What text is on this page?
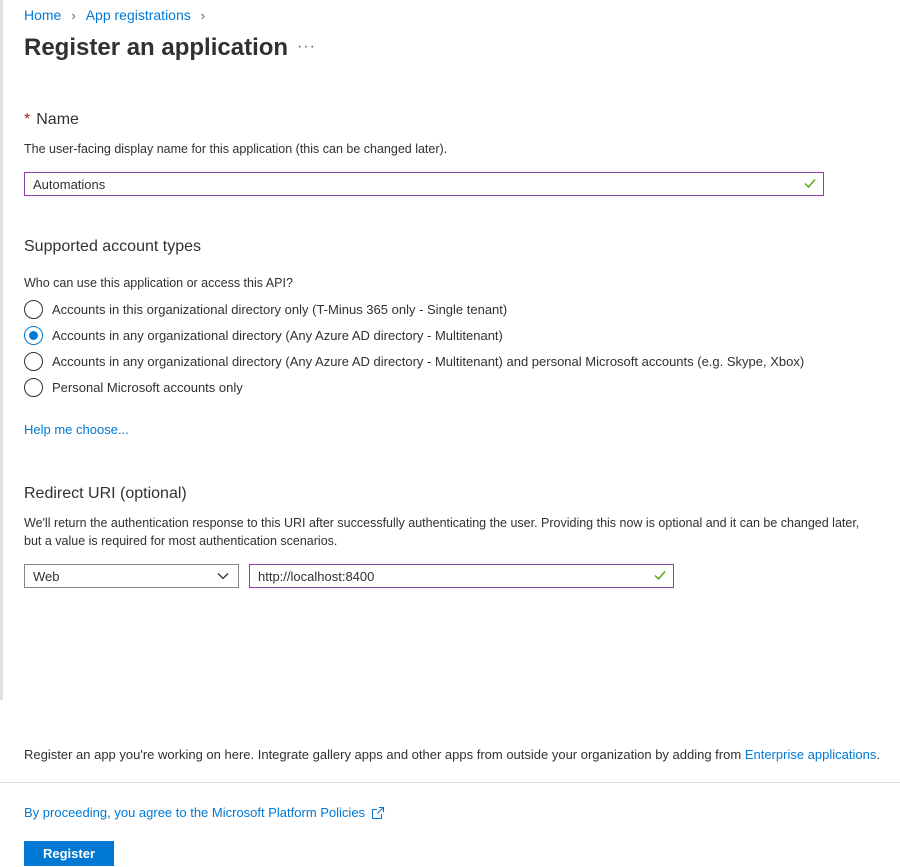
Home › App registrations ›
Register an application ···
* Name

The user-facing display name for this application (this can be changed later).

Automations
Supported account types

Who can use this application or access this API?

Accounts in this organizational directory only (T-Minus 365 only - Single tenant)
Accounts in any organizational directory (Any Azure AD directory - Multitenant)
Accounts in any organizational directory (Any Azure AD directory - Multitenant) and personal Microsoft accounts (e.g. Skype, Xbox)
Personal Microsoft accounts only
Help me choose...
Redirect URI (optional)

We'll return the authentication response to this URI after successfully authenticating the user. Providing this now is optional and it can be changed later, but a value is required for most authentication scenarios.

Web	http://localhost:8400

Register an app you're working on here. Integrate gallery apps and other apps from outside your organization by adding from Enterprise applications.

By proceeding, you agree to the Microsoft Platform Policies
Register
